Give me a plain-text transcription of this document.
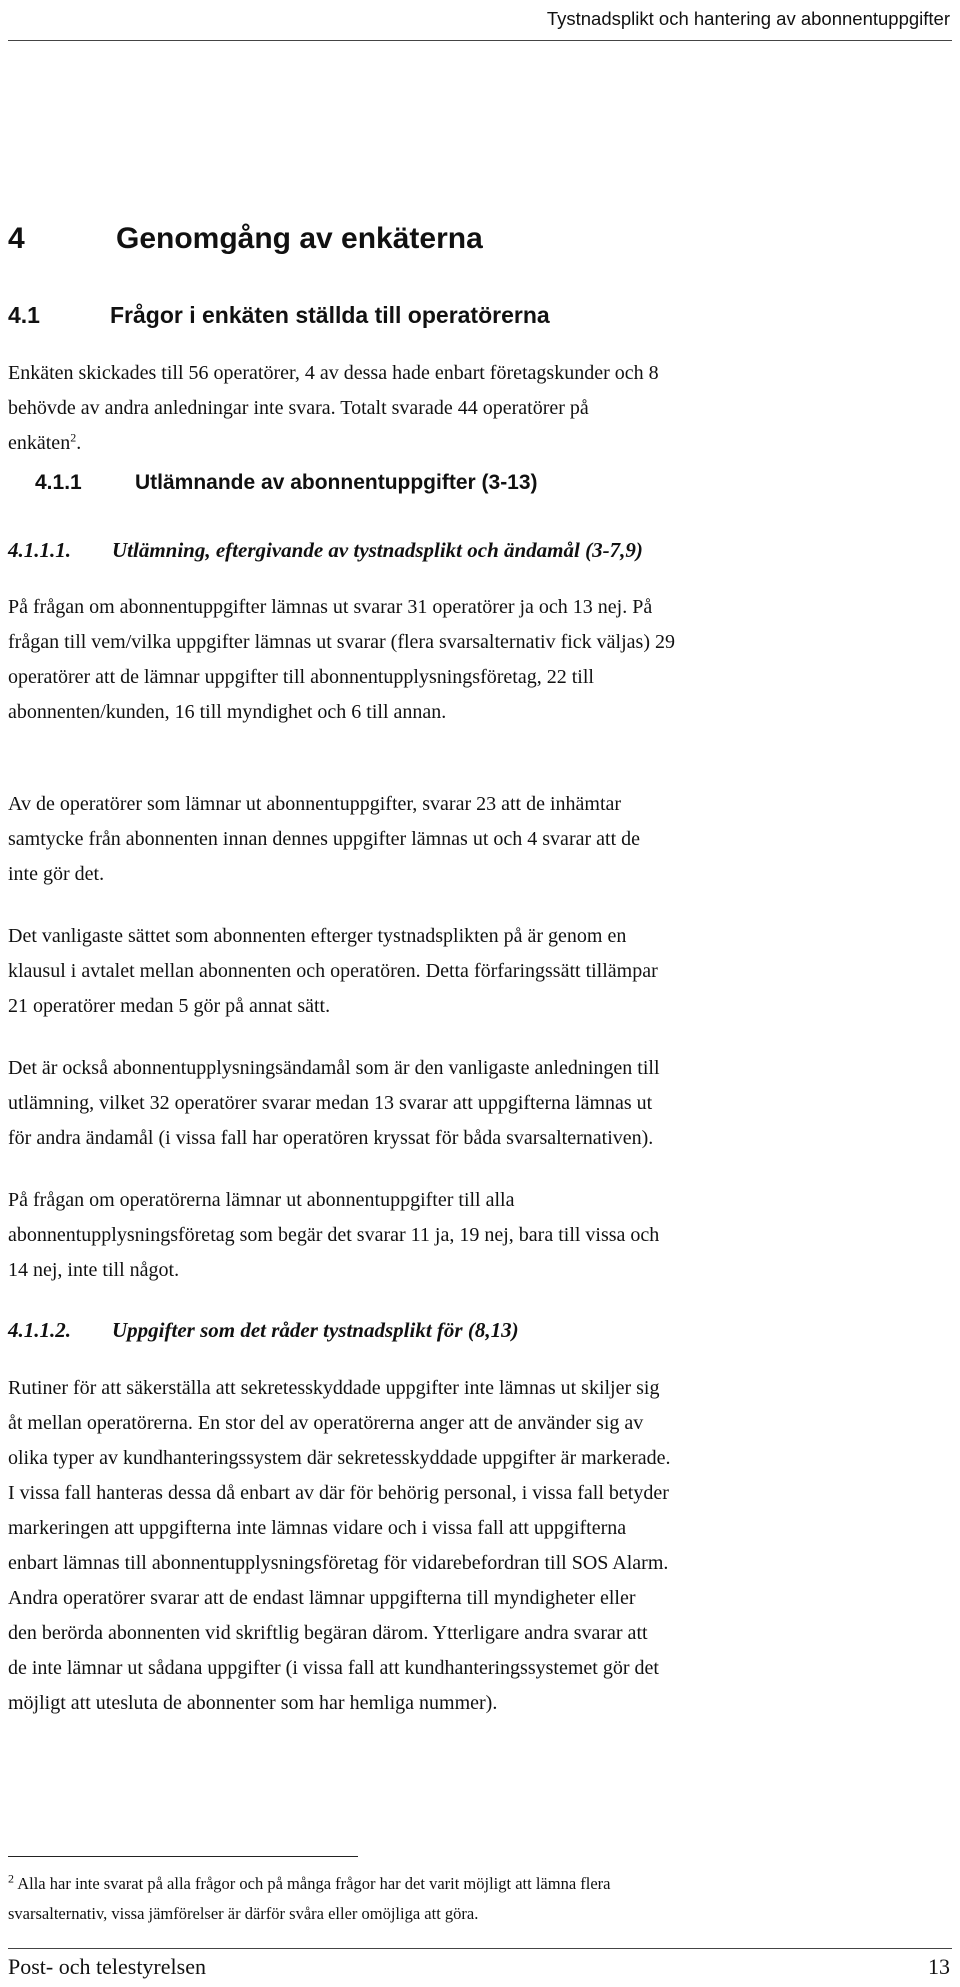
Tystnadsplikt och hantering av abonnentuppgifter
4	Genomgång av enkäterna
4.1	Frågor i enkäten ställda till operatörerna

Enkäten skickades till 56 operatörer, 4 av dessa hade enbart företagskunder och 8
behövde av andra anledningar inte svara. Totalt svarade 44 operatörer på
enkäten$^2$.

4.1.1	Utlämnande av abonnentuppgifter (3-13)
4.1.1.1. Utlämning, eftergivande av tystnadsplikt och ändamål (3-7,9)

På frågan om abonnentuppgifter lämnas ut svarar 31 operatörer ja och 13 nej. På
frågan till vem/vilka uppgifter lämnas ut svarar (flera svarsalternativ fick väljas) 29
operatörer att de lämnar uppgifter till abonnentupplysningsföretag, 22 till
abonnenten/kunden, 16 till myndighet och 6 till annan.

Av de operatörer som lämnar ut abonnentuppgifter, svarar 23 att de inhämtar
samtycke från abonnenten innan dennes uppgifter lämnas ut och 4 svarar att de
inte gör det.

Det vanligaste sättet som abonnenten efterger tystnadsplikten på är genom en
klausul i avtalet mellan abonnenten och operatören. Detta förfaringssätt tillämpar
21 operatörer medan 5 gör på annat sätt.

Det är också abonnentupplysningsändamål som är den vanligaste anledningen till
utlämning, vilket 32 operatörer svarar medan 13 svarar att uppgifterna lämnas ut
för andra ändamål (i vissa fall har operatören kryssat för båda svarsalternativen).

På frågan om operatörerna lämnar ut abonnentuppgifter till alla
abonnentupplysningsföretag som begär det svarar 11 ja, 19 nej, bara till vissa och
14 nej, inte till något.

4.1.1.2. Uppgifter som det råder tystnadsplikt för (8,13)

Rutiner för att säkerställa att sekretesskyddade uppgifter inte lämnas ut skiljer sig
åt mellan operatörerna. En stor del av operatörerna anger att de använder sig av
olika typer av kundhanteringssystem där sekretesskyddade uppgifter är markerade.
I vissa fall hanteras dessa då enbart av där för behörig personal, i vissa fall betyder
markeringen att uppgifterna inte lämnas vidare och i vissa fall att uppgifterna
enbart lämnas till abonnentupplysningsföretag för vidarebefordran till SOS Alarm.
Andra operatörer svarar att de endast lämnar uppgifterna till myndigheter eller
den berörda abonnenten vid skriftlig begäran därom. Ytterligare andra svarar att
de inte lämnar ut sådana uppgifter (i vissa fall att kundhanteringssystemet gör det
möjligt att utesluta de abonnenter som har hemliga nummer).

$^2$ Alla har inte svarat på alla frågor och på många frågor har det varit möjligt att lämna flera
svarsalternativ, vissa jämförelser är därför svåra eller omöjliga att göra.
Post- och telestyrelsen	13
